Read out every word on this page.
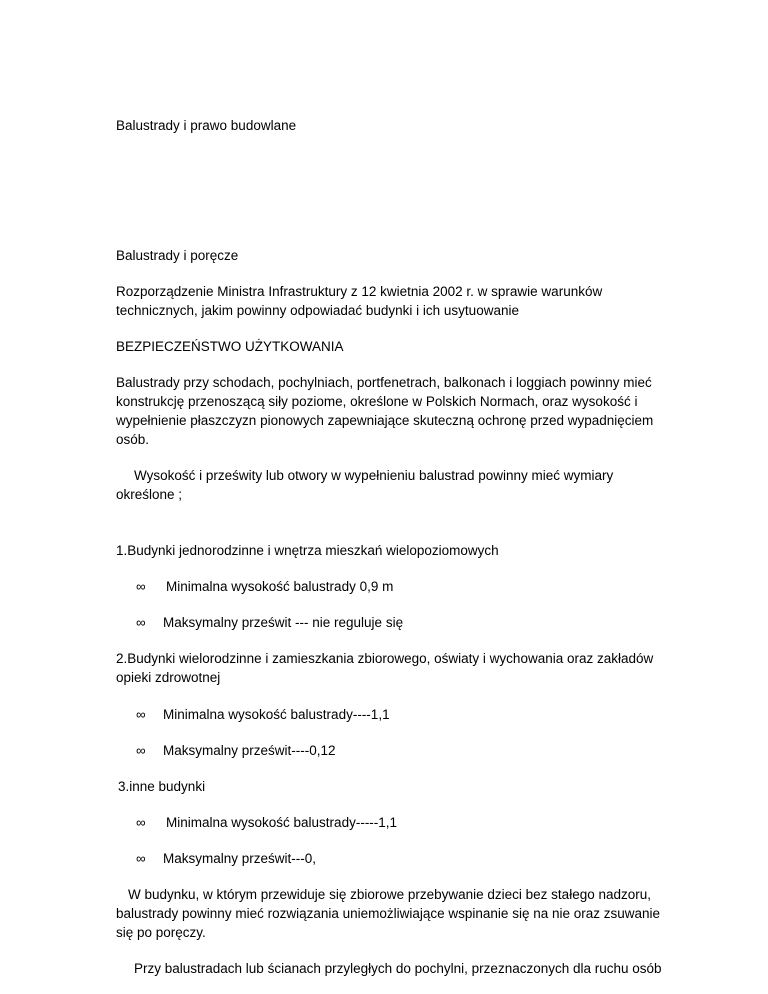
Balustrady i prawo budowlane
Balustrady i poręcze
Rozporządzenie Ministra Infrastruktury z 12 kwietnia 2002 r. w sprawie warunków
technicznych, jakim powinny odpowiadać budynki i ich usytuowanie
BEZPIECZEŃSTWO UŻYTKOWANIA
Balustrady przy schodach, pochylniach, portfenetrach, balkonach i loggiach powinny mieć
konstrukcję przenoszącą siły poziome, określone w Polskich Normach, oraz wysokość i
wypełnienie płaszczyzn pionowych zapewniające skuteczną ochronę przed wypadnięciem
osób.
Wysokość i prześwity lub otwory w wypełnieniu balustrad powinny mieć wymiary
określone ;
1.Budynki jednorodzinne i wnętrza mieszkań wielopoziomowych
∞ Minimalna wysokość balustrady 0,9 m
∞ Maksymalny prześwit --- nie reguluje się
2.Budynki wielorodzinne i zamieszkania zbiorowego, oświaty i wychowania oraz zakładów
opieki zdrowotnej
∞ Minimalna wysokość balustrady----1,1
∞ Maksymalny prześwit----0,12
3.inne budynki
∞ Minimalna wysokość balustrady-----1,1
∞ Maksymalny prześwit---0,
W budynku, w którym przewiduje się zbiorowe przebywanie dzieci bez stałego nadzoru,
balustrady powinny mieć rozwiązania uniemożliwiające wspinanie się na nie oraz zsuwanie
się po poręczy.
Przy balustradach lub ścianach przyległych do pochylni, przeznaczonych dla ruchu osób
